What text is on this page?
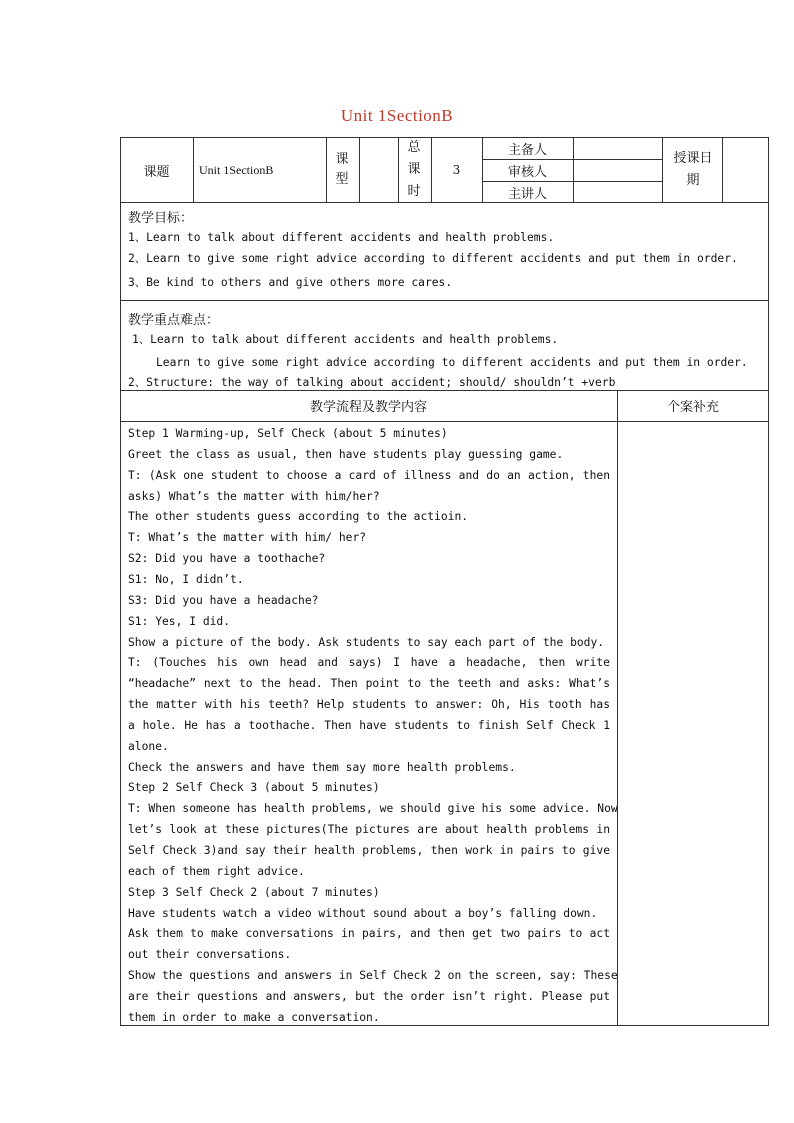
Unit 1SectionB
课题	Unit 1SectionB
课型
总课时
3
主备人
审核人
主讲人
授课日期
教学目标：
1、Learn to talk about different accidents and health problems.
2、Learn to give some right advice according to different accidents and put them in order.
3、Be kind to others and give others more cares.
教学重点难点：
1、Learn to talk about different accidents and health problems.
Learn to give some right advice according to different accidents and put them in order.
2、Structure: the way of talking about accident; should/ shouldn’t +verb
教学流程及教学内容	个案补充
Step 1 Warming-up, Self Check (about 5 minutes)
Greet the class as usual, then have students play guessing game.
T: (Ask one student to choose a card of illness and do an action, then
asks) What’s the matter with him/her?
The other students guess according to the actioin.
T: What’s the matter with him/ her?
S2: Did you have a toothache?
S1: No, I didn’t.
S3: Did you have a headache?
S1: Yes, I did.
Show a picture of the body. Ask students to say each part of the body.
T: (Touches his own head and says) I have a headache, then write
“headache” next to the head. Then point to the teeth and asks: What’s
the matter with his teeth? Help students to answer: Oh, His tooth has
a hole. He has a toothache. Then have students to finish Self Check 1
alone.
Check the answers and have them say more health problems.
Step 2 Self Check 3 (about 5 minutes)
T: When someone has health problems, we should give his some advice. Now
let’s look at these pictures(The pictures are about health problems in
Self Check 3)and say their health problems, then work in pairs to give
each of them right advice.
Step 3 Self Check 2 (about 7 minutes)
Have students watch a video without sound about a boy’s falling down.
Ask them to make conversations in pairs, and then get two pairs to act
out their conversations.
Show the questions and answers in Self Check 2 on the screen, say: These
are their questions and answers, but the order isn’t right. Please put
them in order to make a conversation.
